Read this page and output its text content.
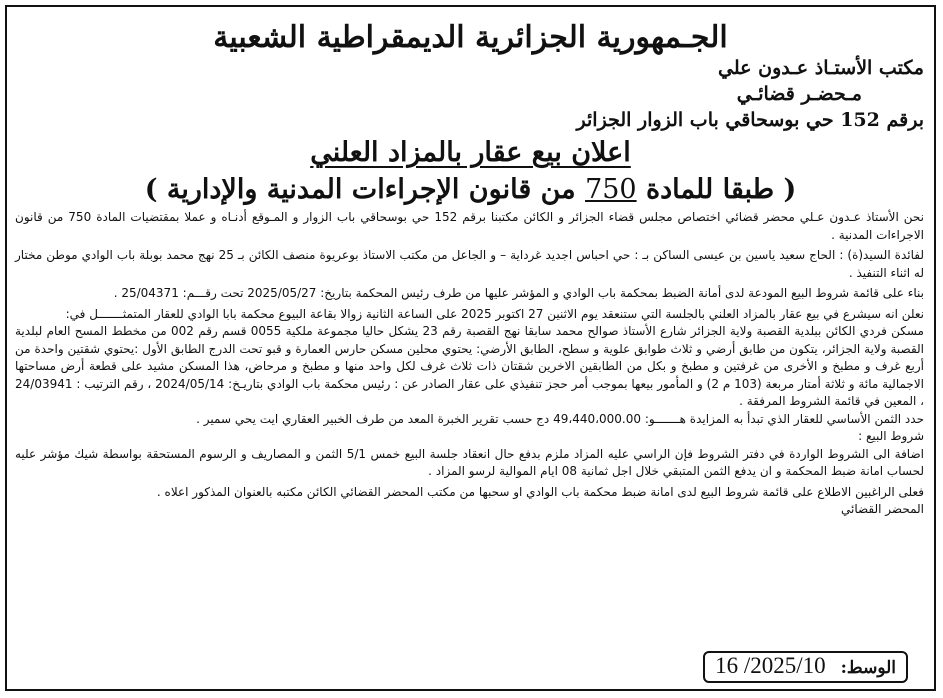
الجـمهورية الجزائرية الديمقراطية الشعبية
مكتب الأستـاذ عـدون علي
مـحضـر قضائـي
برقم 152 حي بوسحاقي باب الزوار الجزائر
اعلان بيع عقار بالمزاد العلني
( طبقا للمادة 750 من قانون الإجراءات المدنية والإدارية )

نحن الأستاذ عـدون عـلي محضر قضائي اختصاص مجلس قضاء الجزائر و الكائن مكتبنا برقم 152 حي بوسحاقي باب الزوار و المـوقع أدنـاه و عملا بمقتضيات المادة 750 من قانون الاجراءات المدنية .

لفائدة السيد(ة) : الحاج سعيد ياسين بن عيسى الساكن بـ : حي احباس اجديد غرداية – و الجاعل من مكتب الاستاذ بوعريوة منصف الكائن بـ 25 نهج محمد بوبلة باب الوادي موطن مختار له اثناء التنفيذ .

بناء على قائمة شروط البيع المودعة لدى أمانة الضبط بمحكمة باب الوادي و المؤشر عليها من طرف رئيس المحكمة بتاريخ: 2025/05/27 تحت رقـــم: 25/04371 .

نعلن انه سيشرع في بيع عقار بالمزاد العلني بالجلسة التي ستنعقد يوم الاثنين 27 اكتوبر 2025 على الساعة الثانية زوالا بقاعة البيوع محكمة بابا الوادي للعقار المتمثـــــــل في:

مسكن فردي الكائن ببلدية القصبة ولاية الجزائر شارع الأستاذ صوالح محمد سابقا نهج القصبة رقم 23 يشكل حاليا مجموعة ملكية 0055 قسم رقم 002 من مخطط المسح العام لبلدية القصبة ولاية الجزائر، يتكون من طابق أرضي و ثلاث طوابق علوية و سطح، الطابق الأرضي: يحتوي محلين مسكن حارس العمارة و قبو تحت الدرج الطابق الأول :يحتوي شقتين واحدة من أربع غرف و مطبخ و الأخرى من غرفتين و مطبخ و بكل من الطابقين الاخرين شقتان ذات ثلاث غرف لكل واحد منها و مطبخ و مرحاض، هذا المسكن مشيد على قطعة أرض مساحتها الاجمالية مائة و ثلاثة أمتار مربعة (103 م 2) و المأمور بيعها بموجب أمر حجز تنفيذي على عقار الصادر عن : رئيس محكمة باب الوادي بتاريـخ: 2024/05/14 ، رقم الترتيب : 24/03941 ، المعين في قائمة الشروط المرفقة .

حدد الثمن الأساسي للعقار الذي تبدأ به المزايدة هـــــــو: 49،440،000.00 دج حسب تقرير الخبرة المعد من طرف الخبير العقاري ايت يحي سمير .

شروط البيع :

اضافة الى الشروط الواردة في دفتر الشروط فإن الراسي عليه المزاد ملزم بدفع حال انعقاد جلسة البيع خمس 5/1 الثمن و المصاريف و الرسوم المستحقة بواسطة شيك مؤشر عليه لحساب امانة ضبط المحكمة و ان يدفع الثمن المتبقي خلال اجل ثمانية 08 ايام الموالية لرسو المزاد .

فعلى الراغبين الاطلاع على قائمة شروط البيع لدى امانة ضبط محكمة باب الوادي او سحبها من مكتب المحضر القضائي الكائن مكتبه بالعنوان المذكور اعلاه .

المحضر القضائي
الوسط: 2025/10/ 16
